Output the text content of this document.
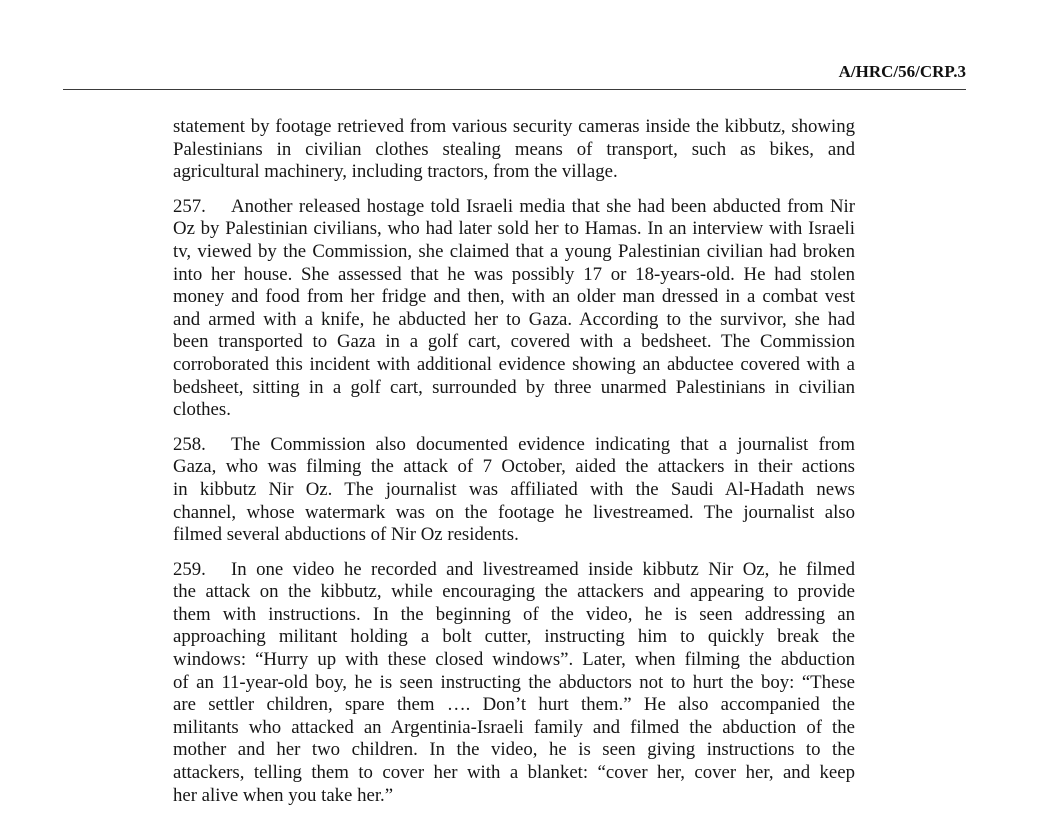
A/HRC/56/CRP.3
statement by footage retrieved from various security cameras inside the kibbutz, showing
Palestinians in civilian clothes stealing means of transport, such as bikes, and
agricultural machinery, including tractors, from the village.
257.	Another released hostage told Israeli media that she had been abducted from Nir
Oz by Palestinian civilians, who had later sold her to Hamas. In an interview with Israeli
tv, viewed by the Commission, she claimed that a young Palestinian civilian had broken
into her house. She assessed that he was possibly 17 or 18-years-old. He had stolen
money and food from her fridge and then, with an older man dressed in a combat vest
and armed with a knife, he abducted her to Gaza. According to the survivor, she had
been transported to Gaza in a golf cart, covered with a bedsheet. The Commission
corroborated this incident with additional evidence showing an abductee covered with a
bedsheet, sitting in a golf cart, surrounded by three unarmed Palestinians in civilian
clothes.
258.	The Commission also documented evidence indicating that a journalist from
Gaza, who was filming the attack of 7 October, aided the attackers in their actions
in kibbutz Nir Oz. The journalist was affiliated with the Saudi Al-Hadath news
channel, whose watermark was on the footage he livestreamed. The journalist also
filmed several abductions of Nir Oz residents.
259.	In one video he recorded and livestreamed inside kibbutz Nir Oz, he filmed
the attack on the kibbutz, while encouraging the attackers and appearing to provide
them with instructions. In the beginning of the video, he is seen addressing an
approaching militant holding a bolt cutter, instructing him to quickly break the
windows: “Hurry up with these closed windows”. Later, when filming the abduction
of an 11-year-old boy, he is seen instructing the abductors not to hurt the boy: “These
are settler children, spare them …. Don’t hurt them.” He also accompanied the
militants who attacked an Argentinia-Israeli family and filmed the abduction of the
mother and her two children. In the video, he is seen giving instructions to the
attackers, telling them to cover her with a blanket: “cover her, cover her, and keep
her alive when you take her.”
